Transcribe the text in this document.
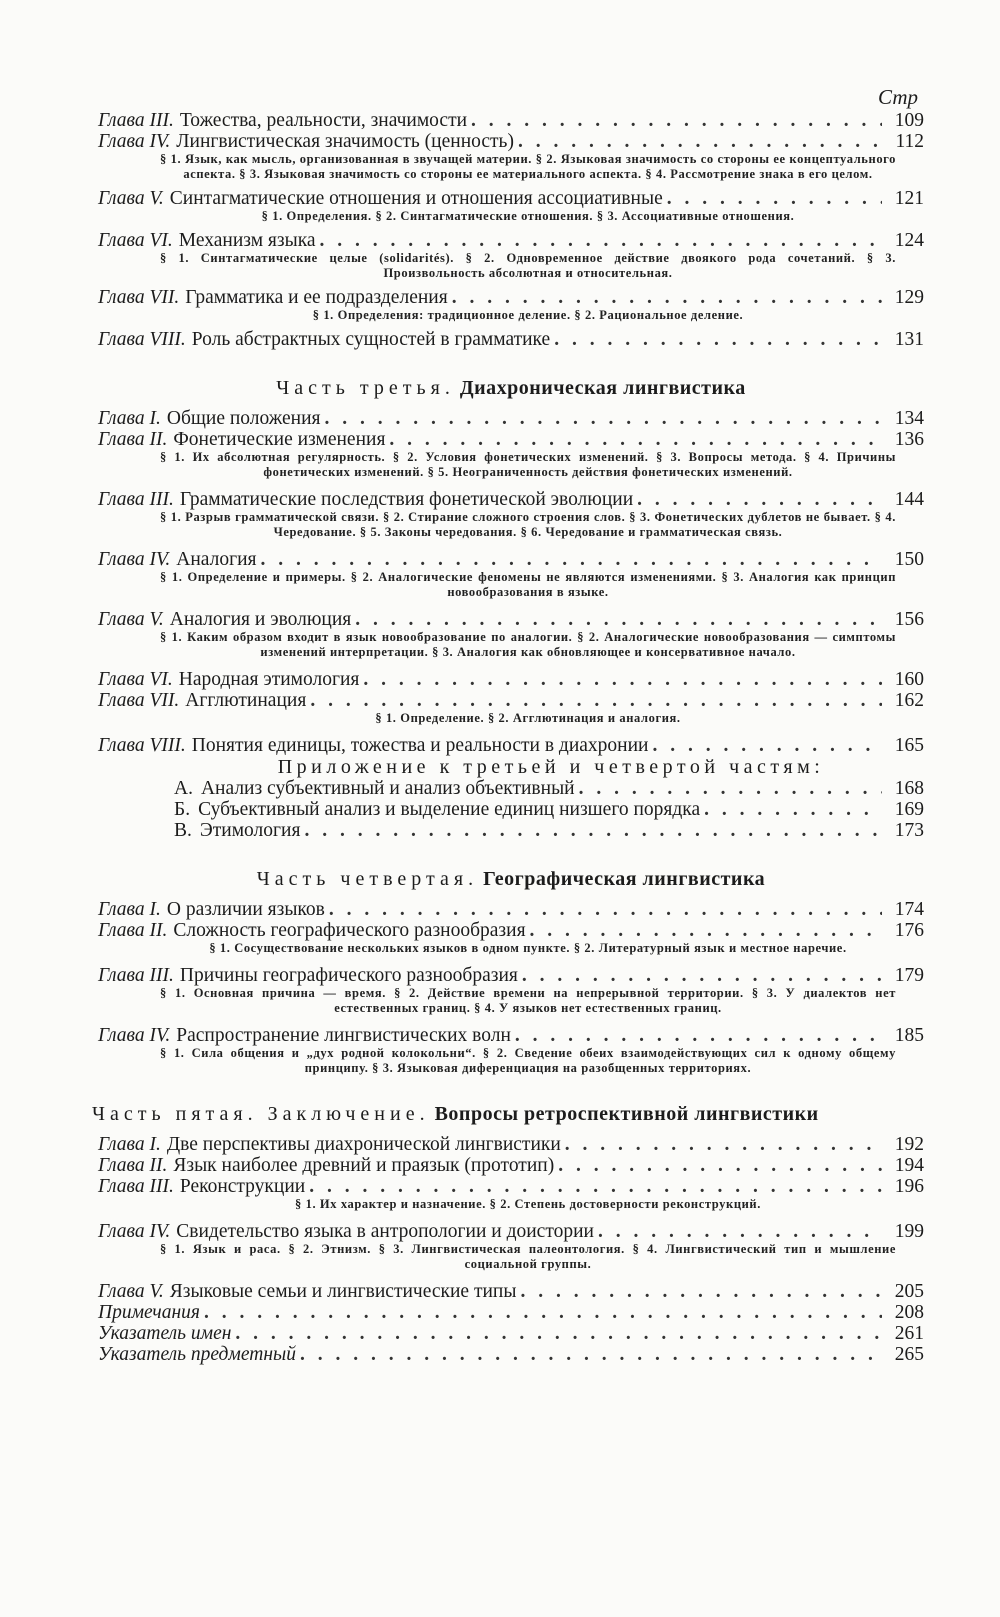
Стр
Глава III. Тожества, реальности, значимости . . .	109
Глава IV. Лингвистическая значимость (ценность) . . .	112
§ 1. Язык, как мысль, организованная в звучащей материи. § 2. Языковая значимость со стороны ее концептуального аспекта. § 3. Языковая значимость со стороны ее материального аспекта. § 4. Рассмотрение знака в его целом.
Глава V. Синтагматические отношения и отношения ассоциативные . . .	121
§ 1. Определения. § 2. Синтагматические отношения. § 3. Ассоциативные отношения.
Глава VI. Механизм языка . . .	124
§ 1. Синтагматические целые (solidarités). § 2. Одновременное действие двоякого рода сочетаний. § 3. Произвольность абсолютная и относительная.
Глава VII. Грамматика и ее подразделения . . .	129
§ 1. Определения: традиционное деление. § 2. Рациональное деление.
Глава VIII. Роль абстрактных сущностей в грамматике . . .	131
Часть третья. Диахроническая лингвистика
Глава I. Общие положения . . .	134
Глава II. Фонетические изменения . . .	136
§ 1. Их абсолютная регулярность. § 2. Условия фонетических изменений. § 3. Вопросы метода. § 4. Причины фонетических изменений. § 5. Неограниченность действия фонетических изменений.
Глава III. Грамматические последствия фонетической эволюции . . .	144
§ 1. Разрыв грамматической связи. § 2. Стирание сложного строения слов. § 3. Фонетических дублетов не бывает. § 4. Чередование. § 5. Законы чередования. § 6. Чередование и грамматическая связь.
Глава IV. Аналогия . . .	150
§ 1. Определение и примеры. § 2. Аналогические феномены не являются изменениями. § 3. Аналогия как принцип новообразования в языке.
Глава V. Аналогия и эволюция . . .	156
§ 1. Каким образом входит в язык новообразование по аналогии. § 2. Аналогические новообразования — симптомы изменений интерпретации. § 3. Аналогия как обновляющее и консервативное начало.
Глава VI. Народная этимология . . .	160
Глава VII. Агглютинация . . .	162
§ 1. Определение. § 2. Агглютинация и аналогия.
Глава VIII. Понятия единицы, тожества и реальности в диахронии . . .	165
Приложение к третьей и четвертой частям:
А. Анализ субъективный и анализ объективный . . .	168
Б. Субъективный анализ и выделение единиц низшего порядка . . .	169
В. Этимология . . .	173
Часть четвертая. Географическая лингвистика
Глава I. О различии языков . . .	174
Глава II. Сложность географического разнообразия . . .	176
§ 1. Сосуществование нескольких языков в одном пункте. § 2. Литературный язык и местное наречие.
Глава III. Причины географического разнообразия . . .	179
§ 1. Основная причина — время. § 2. Действие времени на непрерывной территории. § 3. У диалектов нет естественных границ. § 4. У языков нет естественных границ.
Глава IV. Распространение лингвистических волн . . .	185
§ 1. Сила общения и „дух родной колокольни“. § 2. Сведение обеих взаимодействующих сил к одному общему принципу. § 3. Языковая диференциация на разобщенных территориях.
Часть пятая. Заключение. Вопросы ретроспективной лингвистики
Глава I. Две перспективы диахронической лингвистики . . .	192
Глава II. Язык наиболее древний и праязык (прототип) . . .	194
Глава III. Реконструкции . . .	196
§ 1. Их характер и назначение. § 2. Степень достоверности реконструкций.
Глава IV. Свидетельство языка в антропологии и доистории . . .	199
§ 1. Язык и раса. § 2. Этнизм. § 3. Лингвистическая палеонтология. § 4. Лингвистический тип и мышление социальной группы.
Глава V. Языковые семьи и лингвистические типы . . .	205
Примечания . . .	208
Указатель имен . . .	261
Указатель предметный . . .	265
